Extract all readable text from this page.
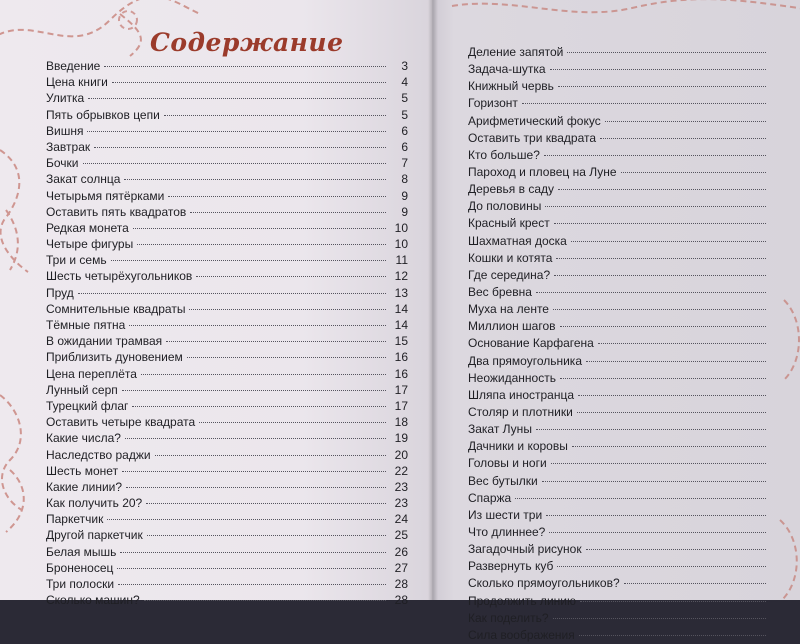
Содержание
Введение	3
Цена книги	4
Улитка	5
Пять обрывков цепи	5
Вишня	6
Завтрак	6
Бочки	7
Закат солнца	8
Четырьмя пятёрками	9
Оставить пять квадратов	9
Редкая монета	10
Четыре фигуры	10
Три и семь	11
Шесть четырёхугольников	12
Пруд	13
Сомнительные квадраты	14
Тёмные пятна	14
В ожидании трамвая	15
Приблизить дуновением	16
Цена переплёта	16
Лунный серп	17
Турецкий флаг	17
Оставить четыре квадрата	18
Какие числа?	19
Наследство раджи	20
Шесть монет	22
Какие линии?	23
Как получить 20?	23
Паркетчик	24
Другой паркетчик	25
Белая мышь	26
Броненосец	27
Три полоски	28
Сколько машин?	28
Деление запятой
Задача-шутка
Книжный червь
Горизонт
Арифметический фокус
Оставить три квадрата
Кто больше?
Пароход и пловец на Луне
Деревья в саду
До половины
Красный крест
Шахматная доска
Кошки и котята
Где середина?
Вес бревна
Муха на ленте
Миллион шагов
Основание Карфагена
Два прямоугольника
Неожиданность
Шляпа иностранца
Столяр и плотники
Закат Луны
Дачники и коровы
Головы и ноги
Вес бутылки
Спаржа
Из шести три
Что длиннее?
Загадочный рисунок
Развернуть куб
Сколько прямоугольников?
Продолжить линию
Как поделить?
Сила воображения
